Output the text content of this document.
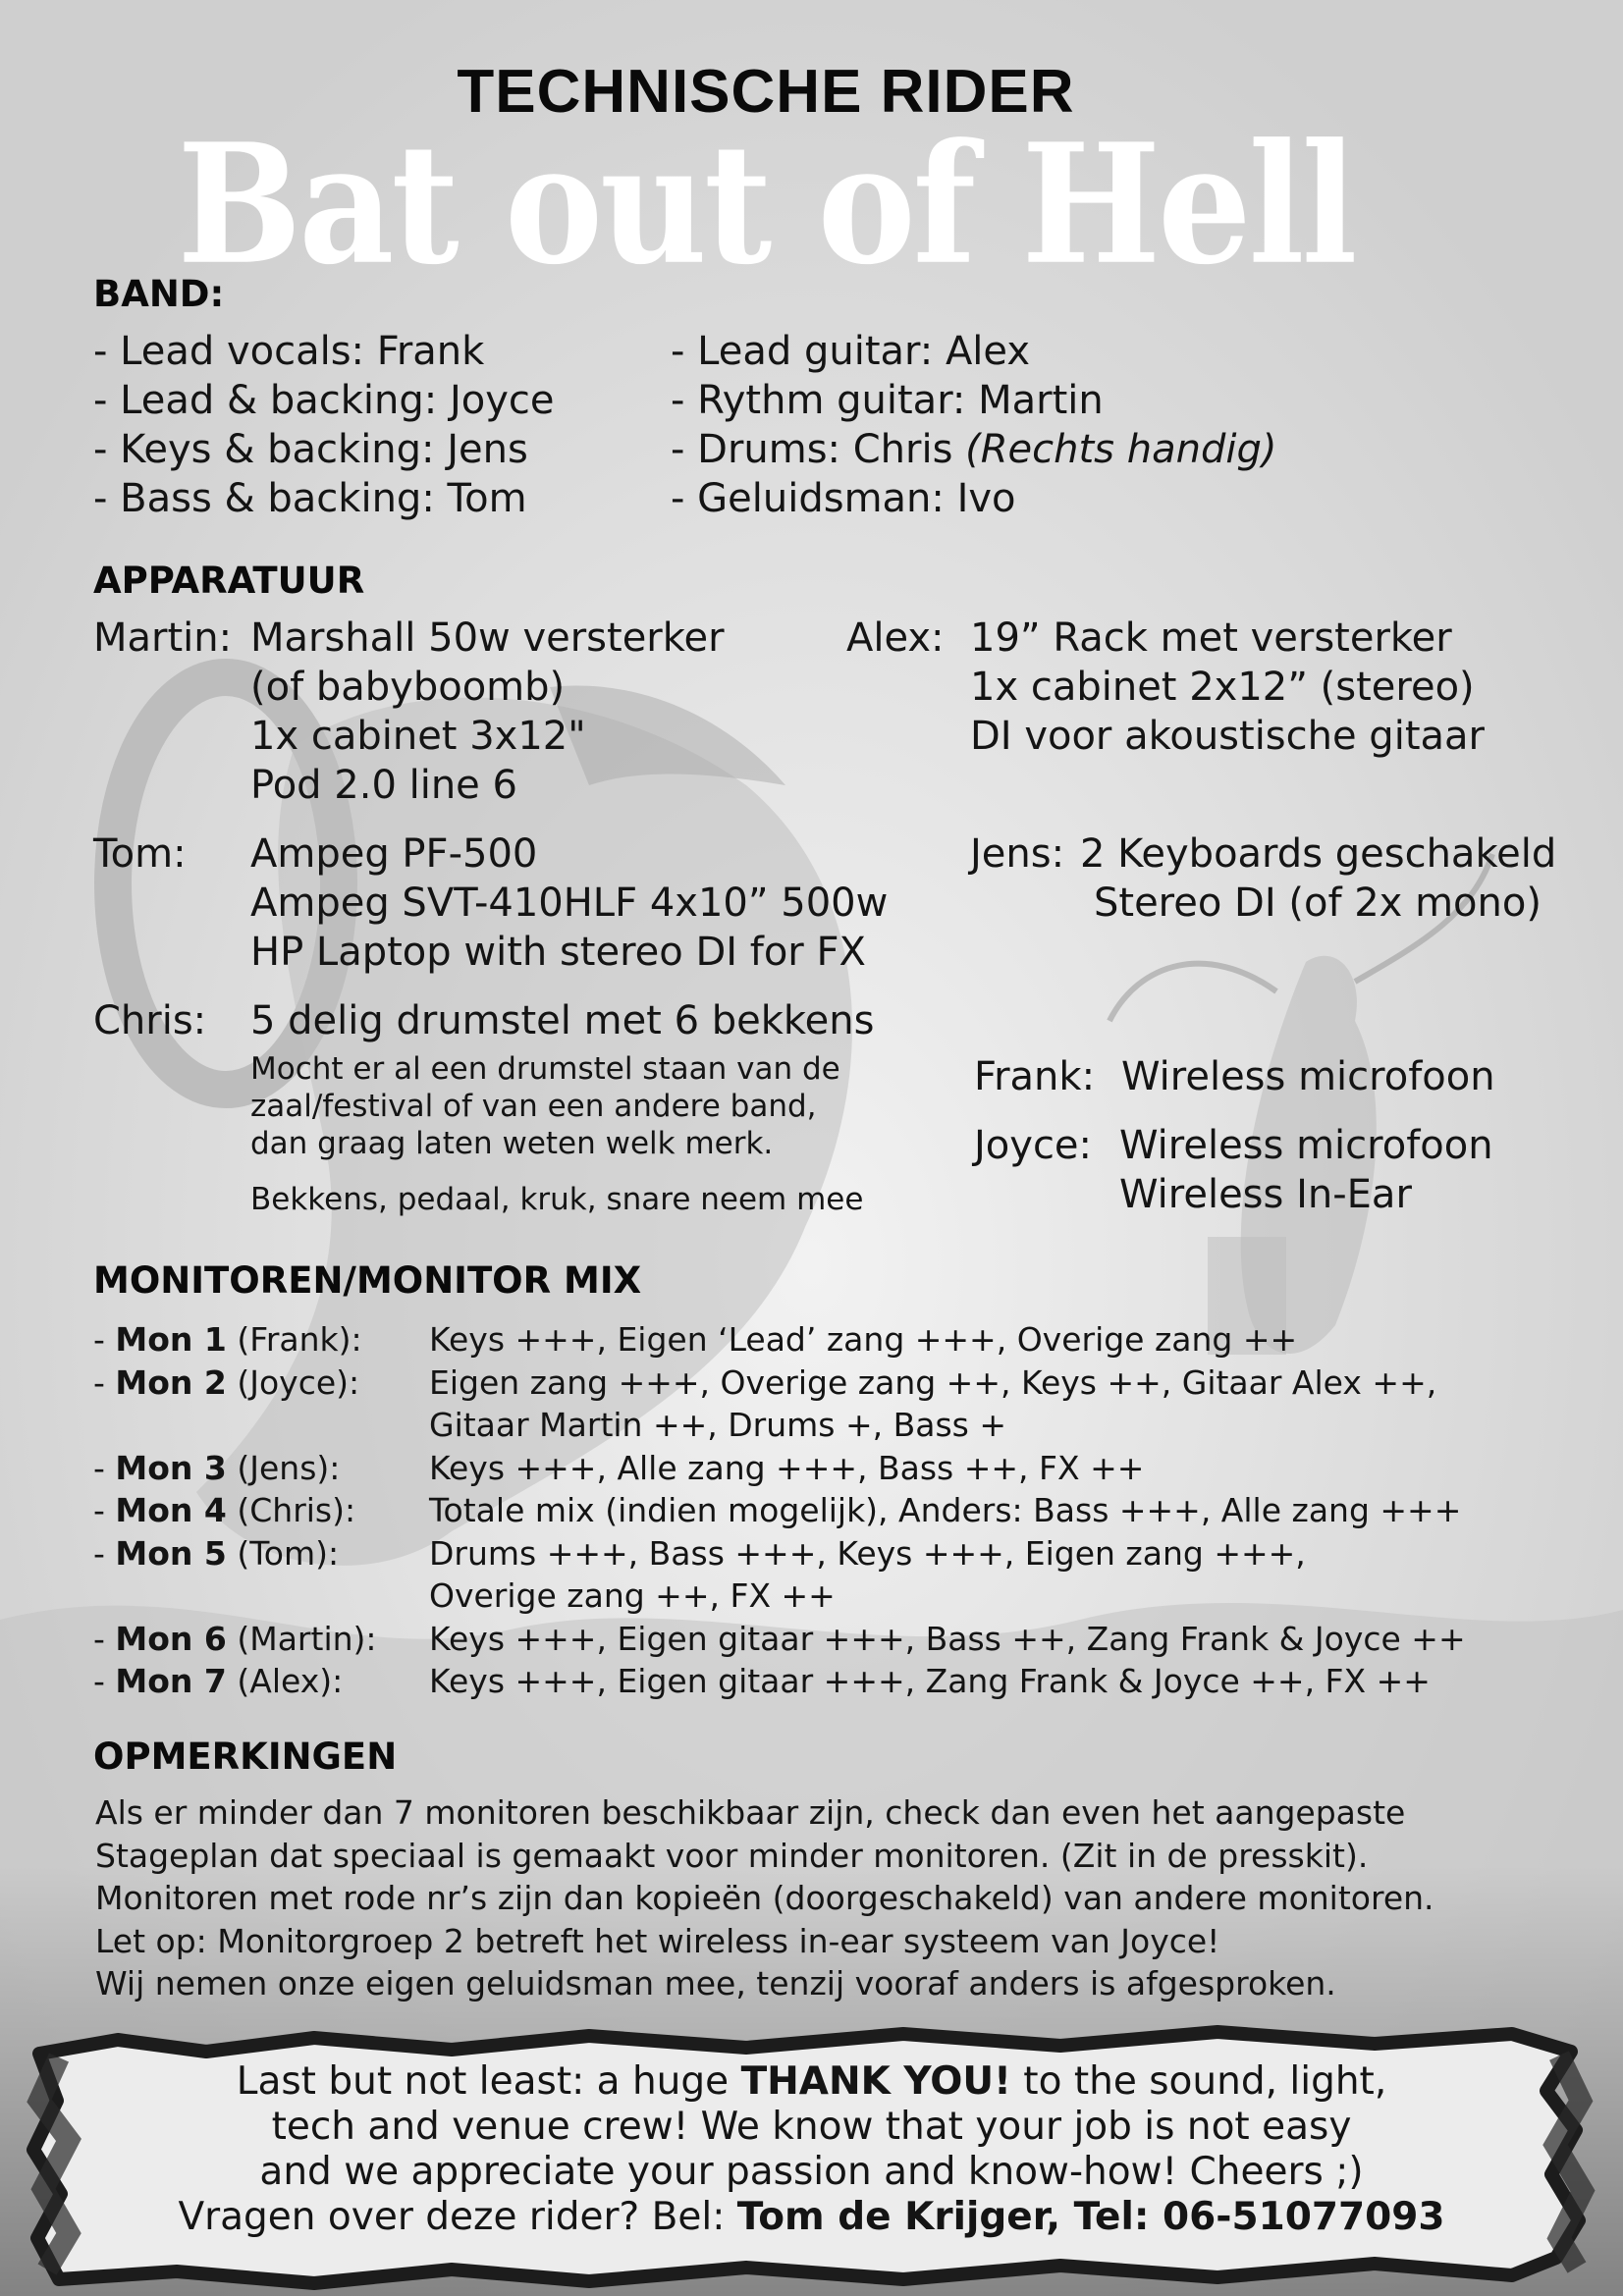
TECHNISCHE RIDER
Bat out of Hell
BAND:
- Lead vocals: Frank
- Lead & backing: Joyce
- Keys & backing: Jens
- Bass & backing: Tom
- Lead guitar: Alex
- Rythm guitar: Martin
- Drums: Chris (Rechts handig)
- Geluidsman: Ivo
APPARATUUR
Martin: Marshall 50w versterker
(of babyboomb)
1x cabinet 3x12"
Pod 2.0 line 6
Alex: 19” Rack met versterker
1x cabinet 2x12” (stereo)
DI voor akoustische gitaar
Tom: Ampeg PF-500
Ampeg SVT-410HLF 4x10” 500w
HP Laptop with stereo DI for FX
Jens: 2 Keyboards geschakeld
Stereo DI (of 2x mono)
Chris: 5 delig drumstel met 6 bekkens
Mocht er al een drumstel staan van de
zaal/festival of van een andere band,
dan graag laten weten welk merk.
Bekkens, pedaal, kruk, snare neem mee
Frank: Wireless microfoon
Joyce: Wireless microfoon
Wireless In-Ear
MONITOREN/MONITOR MIX
- Mon 1 (Frank):
- Mon 2 (Joyce):
- Mon 3 (Jens):
- Mon 4 (Chris):
- Mon 5 (Tom):
- Mon 6 (Martin):
- Mon 7 (Alex):
Keys +++, Eigen ‘Lead’ zang +++, Overige zang ++
Eigen zang +++, Overige zang ++, Keys ++, Gitaar Alex ++,
Gitaar Martin ++, Drums +, Bass +
Keys +++, Alle zang +++, Bass ++, FX ++
Totale mix (indien mogelijk), Anders: Bass +++, Alle zang +++
Drums +++, Bass +++, Keys +++, Eigen zang +++,
Overige zang ++, FX ++
Keys +++, Eigen gitaar +++, Bass ++, Zang Frank & Joyce ++
Keys +++, Eigen gitaar +++, Zang Frank & Joyce ++, FX ++
OPMERKINGEN
Als er minder dan 7 monitoren beschikbaar zijn, check dan even het aangepaste
Stageplan dat speciaal is gemaakt voor minder monitoren. (Zit in de presskit).
Monitoren met rode nr’s zijn dan kopieën (doorgeschakeld) van andere monitoren.
Let op: Monitorgroep 2 betreft het wireless in-ear systeem van Joyce!
Wij nemen onze eigen geluidsman mee, tenzij vooraf anders is afgesproken.
Last but not least: a huge THANK YOU! to the sound, light,
tech and venue crew! We know that your job is not easy
and we appreciate your passion and know-how! Cheers ;)
Vragen over deze rider? Bel: Tom de Krijger, Tel: 06-51077093
